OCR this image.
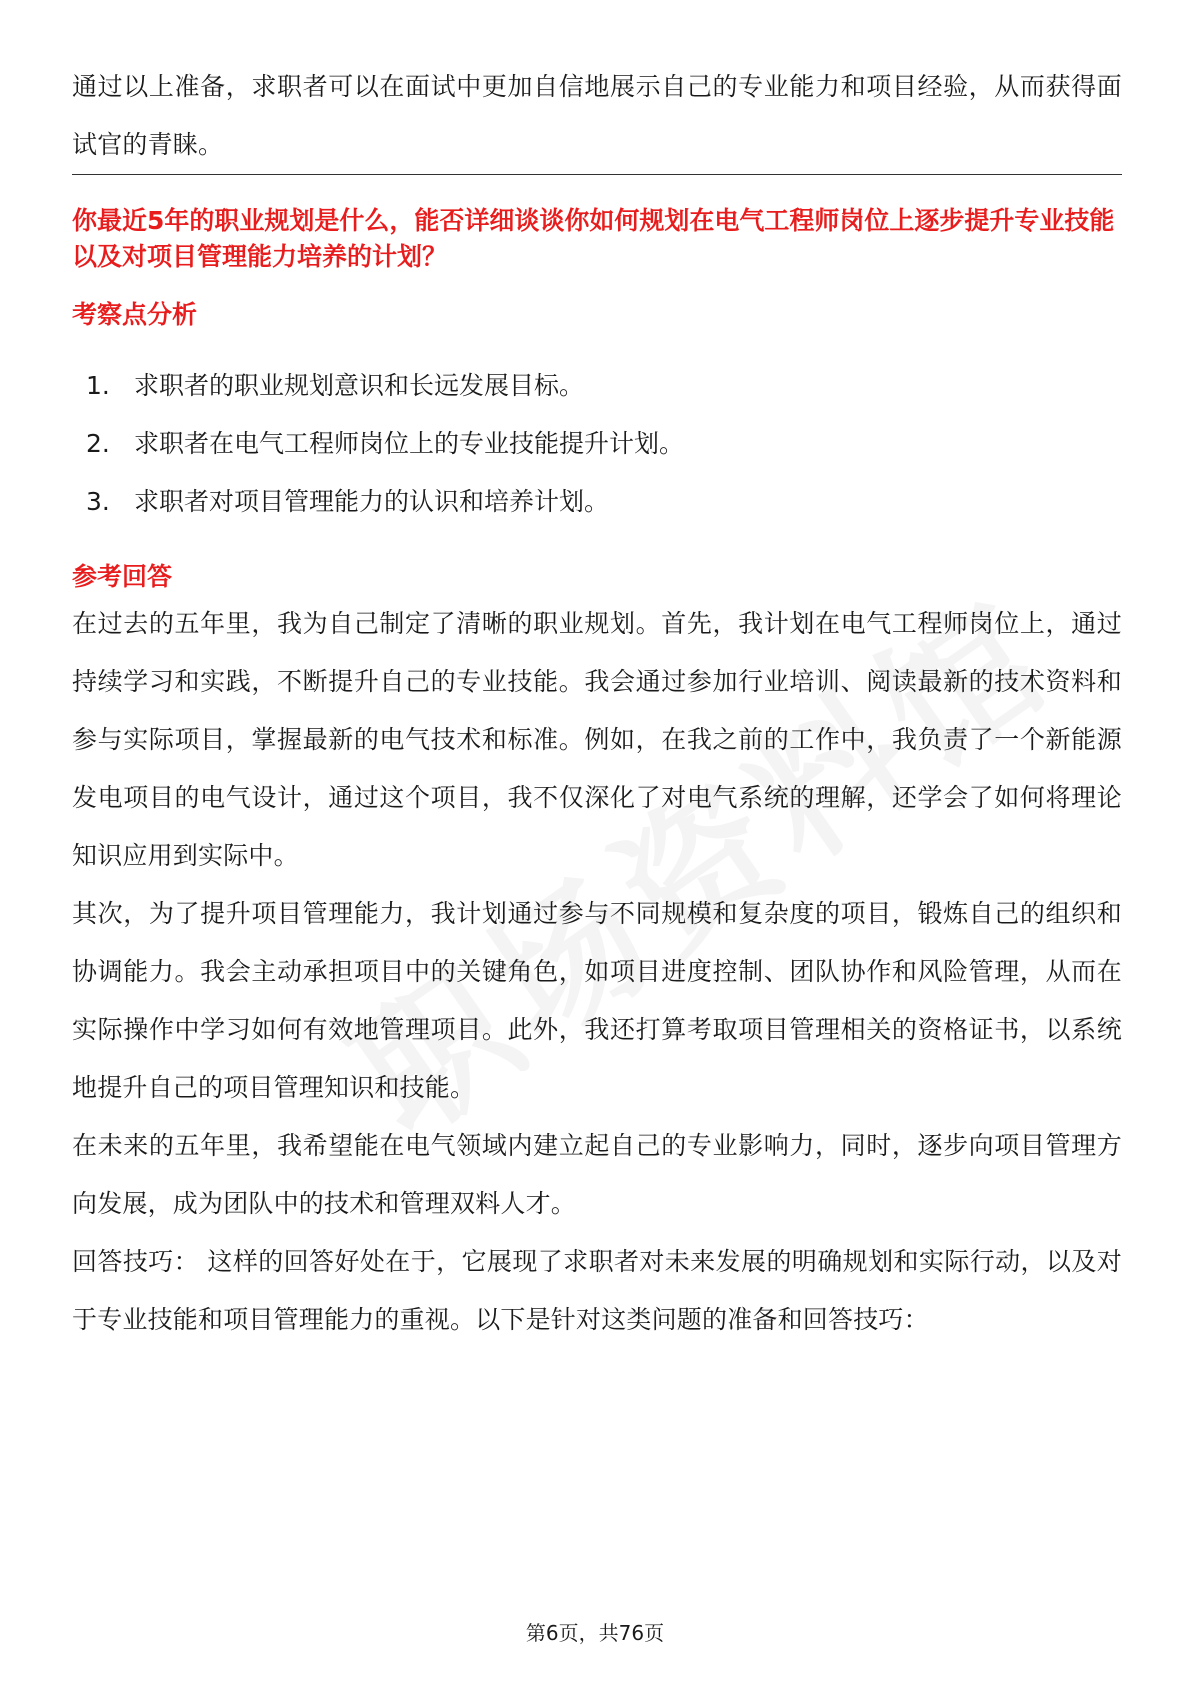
通过以上准备，求职者可以在面试中更加自信地展示自己的专业能力和项目经验，从而获得面试官的青睐。

你最近5年的职业规划是什么，能否详细谈谈你如何规划在电气工程师岗位上逐步提升专业技能以及对项目管理能力培养的计划？
考察点分析
1. 求职者的职业规划意识和长远发展目标。
2. 求职者在电气工程师岗位上的专业技能提升计划。
3. 求职者对项目管理能力的认识和培养计划。
参考回答

在过去的五年里，我为自己制定了清晰的职业规划。首先，我计划在电气工程师岗位上，通过持续学习和实践，不断提升自己的专业技能。我会通过参加行业培训、阅读最新的技术资料和参与实际项目，掌握最新的电气技术和标准。例如，在我之前的工作中，我负责了一个新能源发电项目的电气设计，通过这个项目，我不仅深化了对电气系统的理解，还学会了如何将理论知识应用到实际中。

其次，为了提升项目管理能力，我计划通过参与不同规模和复杂度的项目，锻炼自己的组织和协调能力。我会主动承担项目中的关键角色，如项目进度控制、团队协作和风险管理，从而在实际操作中学习如何有效地管理项目。此外，我还打算考取项目管理相关的资格证书，以系统地提升自己的项目管理知识和技能。

在未来的五年里，我希望能在电气领域内建立起自己的专业影响力，同时，逐步向项目管理方向发展，成为团队中的技术和管理双料人才。

回答技巧： 这样的回答好处在于，它展现了求职者对未来发展的明确规划和实际行动，以及对于专业技能和项目管理能力的重视。以下是针对这类问题的准备和回答技巧：

第6页，共76页
